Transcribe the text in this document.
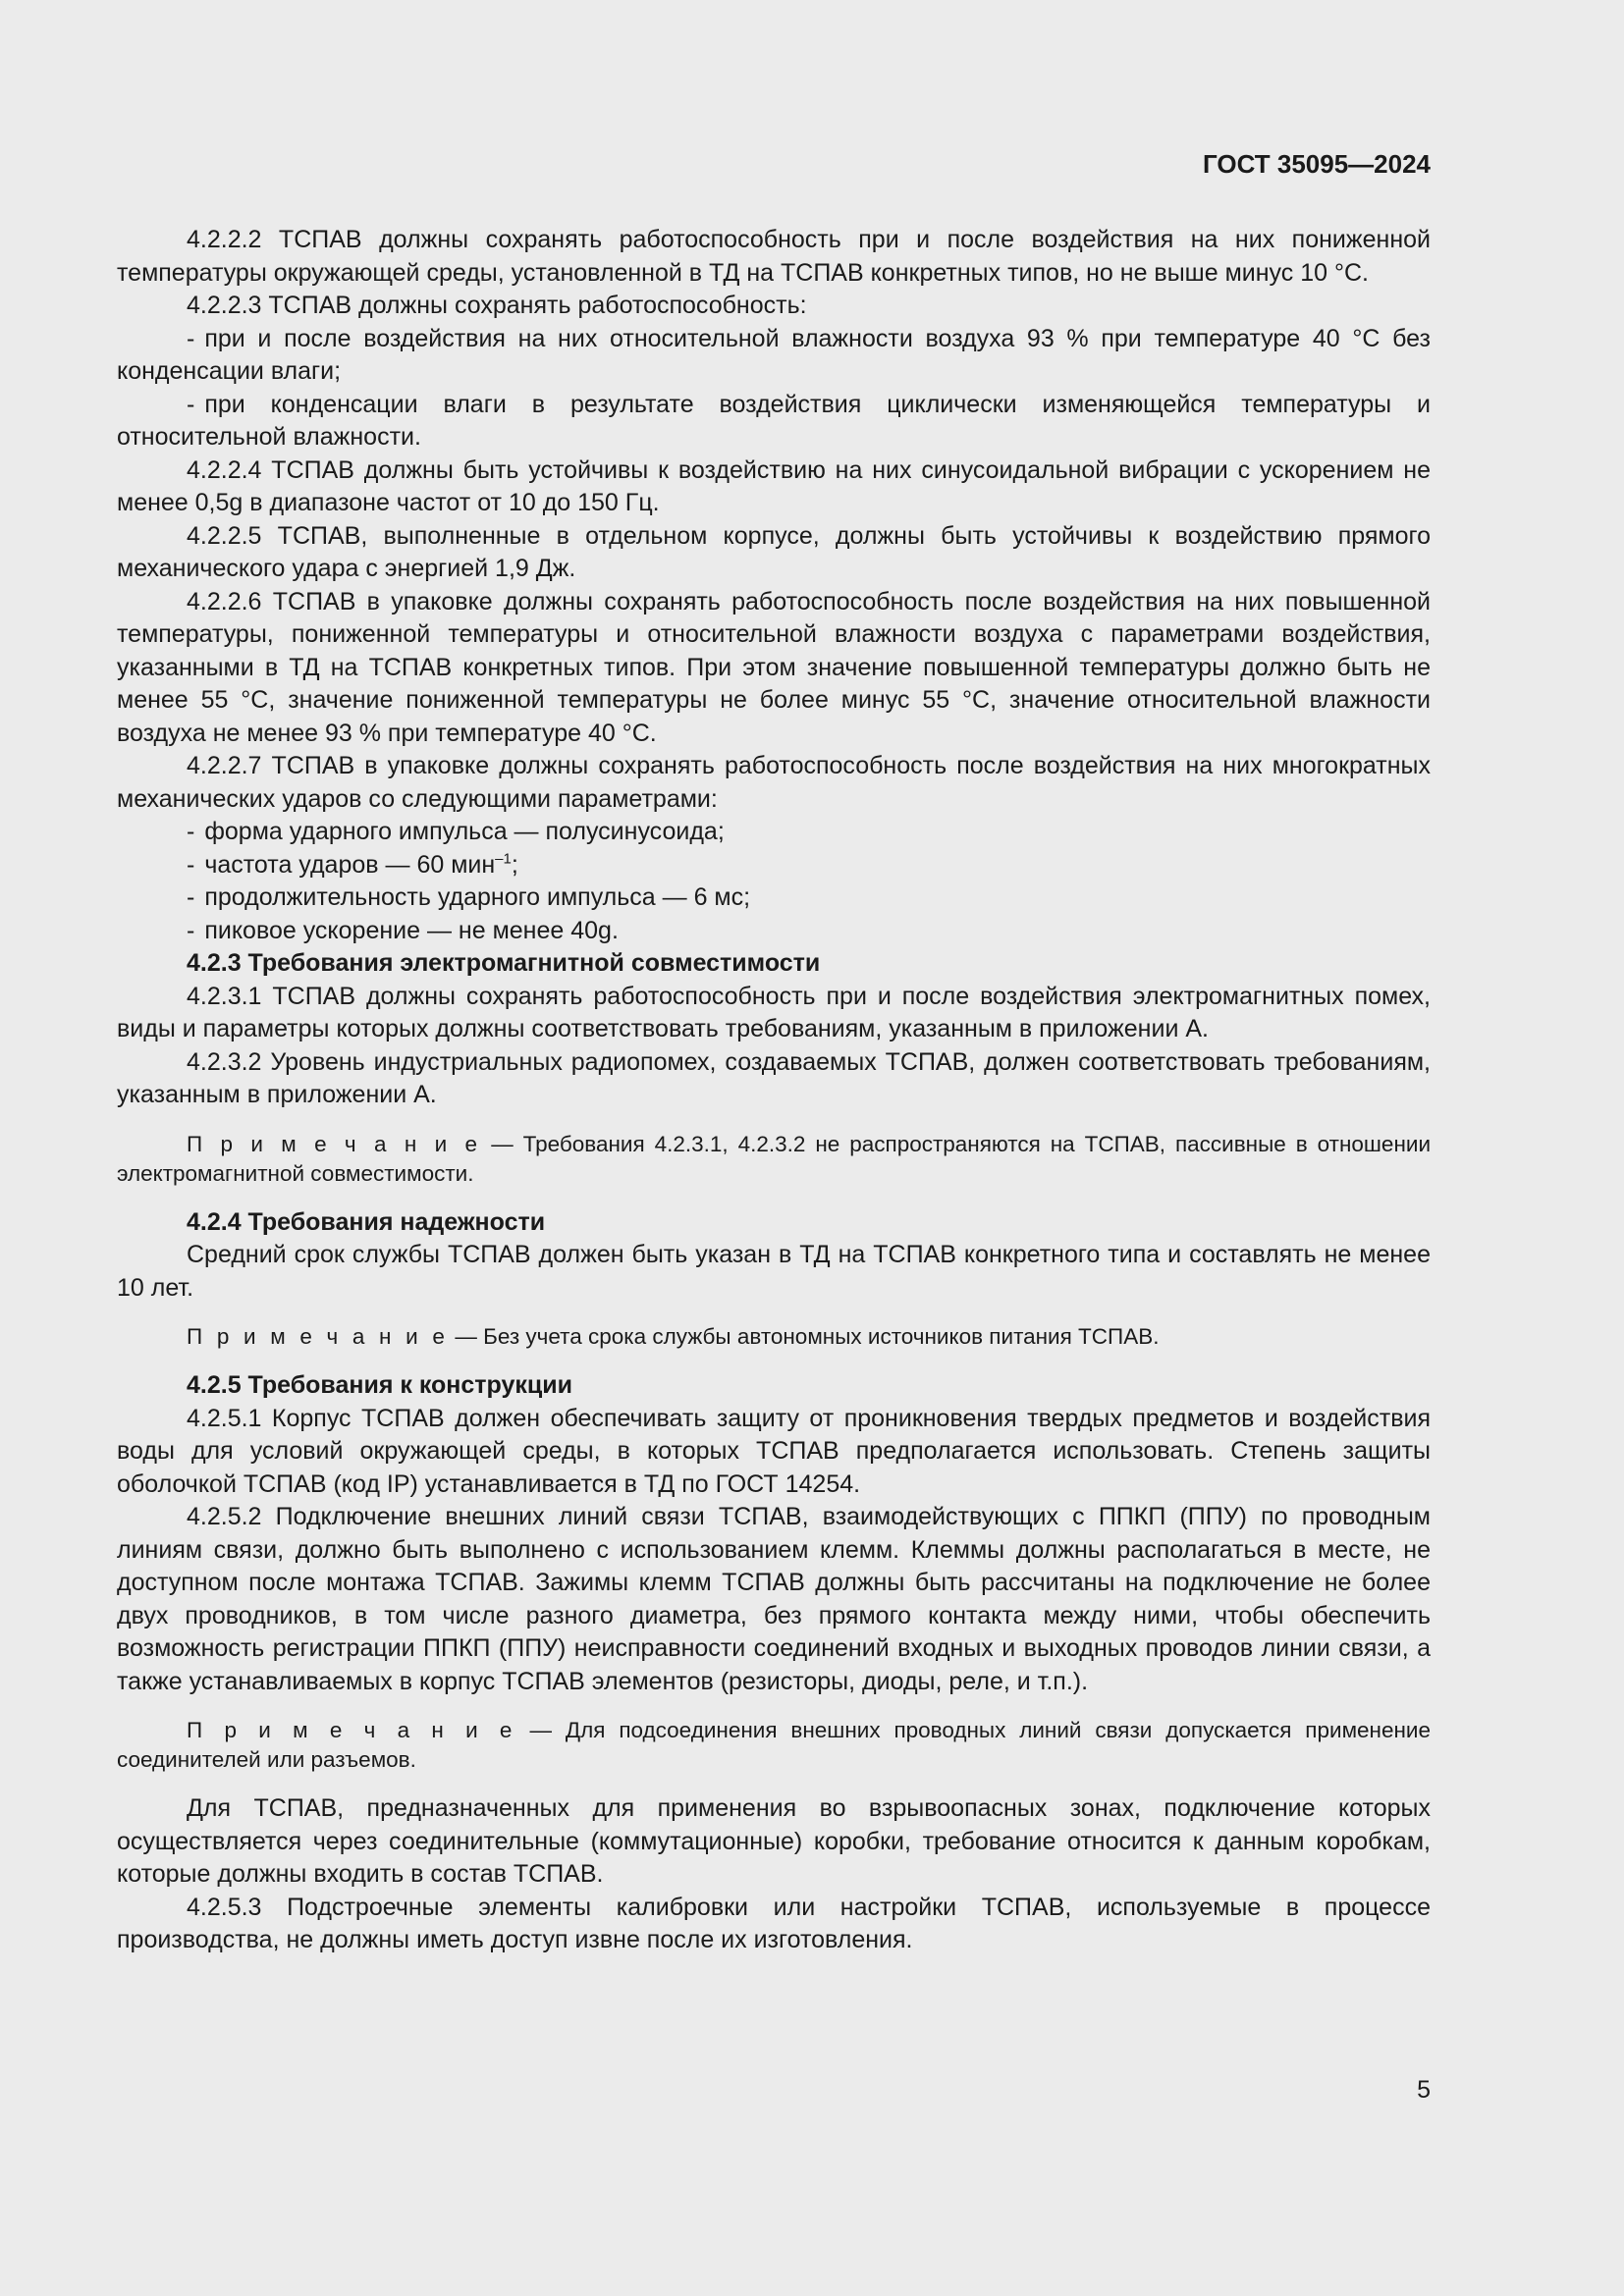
ГОСТ 35095—2024

4.2.2.2 ТСПАВ должны сохранять работоспособность при и после воздействия на них пониженной температуры окружающей среды, установленной в ТД на ТСПАВ конкретных типов, но не выше минус 10 °С.

4.2.2.3 ТСПАВ должны сохранять работоспособность:

- при и после воздействия на них относительной влажности воздуха 93 % при температуре 40 °С без конденсации влаги;

- при конденсации влаги в результате воздействия циклически изменяющейся температуры и относительной влажности.

4.2.2.4 ТСПАВ должны быть устойчивы к воздействию на них синусоидальной вибрации с ускорением не менее 0,5g в диапазоне частот от 10 до 150 Гц.

4.2.2.5 ТСПАВ, выполненные в отдельном корпусе, должны быть устойчивы к воздействию прямого механического удара с энергией 1,9 Дж.

4.2.2.6 ТСПАВ в упаковке должны сохранять работоспособность после воздействия на них повышенной температуры, пониженной температуры и относительной влажности воздуха с параметрами воздействия, указанными в ТД на ТСПАВ конкретных типов. При этом значение повышенной температуры должно быть не менее 55 °С, значение пониженной температуры не более минус 55 °С, значение относительной влажности воздуха не менее 93 % при температуре 40 °С.

4.2.2.7 ТСПАВ в упаковке должны сохранять работоспособность после воздействия на них многократных механических ударов со следующими параметрами:

- форма ударного импульса — полусинусоида;

- частота ударов — 60 мин$^{-1}$;

- продолжительность ударного импульса — 6 мс;

- пиковое ускорение — не менее 40g.

4.2.3 Требования электромагнитной совместимости

4.2.3.1 ТСПАВ должны сохранять работоспособность при и после воздействия электромагнитных помех, виды и параметры которых должны соответствовать требованиям, указанным в приложении А.

4.2.3.2 Уровень индустриальных радиопомех, создаваемых ТСПАВ, должен соответствовать требованиям, указанным в приложении А.

П р и м е ч а н и е — Требования 4.2.3.1, 4.2.3.2 не распространяются на ТСПАВ, пассивные в отношении электромагнитной совместимости.

4.2.4 Требования надежности

Средний срок службы ТСПАВ должен быть указан в ТД на ТСПАВ конкретного типа и составлять не менее 10 лет.

П р и м е ч а н и е — Без учета срока службы автономных источников питания ТСПАВ.

4.2.5 Требования к конструкции

4.2.5.1 Корпус ТСПАВ должен обеспечивать защиту от проникновения твердых предметов и воздействия воды для условий окружающей среды, в которых ТСПАВ предполагается использовать. Степень защиты оболочкой ТСПАВ (код IP) устанавливается в ТД по ГОСТ 14254.

4.2.5.2 Подключение внешних линий связи ТСПАВ, взаимодействующих с ППКП (ППУ) по проводным линиям связи, должно быть выполнено с использованием клемм. Клеммы должны располагаться в месте, не доступном после монтажа ТСПАВ. Зажимы клемм ТСПАВ должны быть рассчитаны на подключение не более двух проводников, в том числе разного диаметра, без прямого контакта между ними, чтобы обеспечить возможность регистрации ППКП (ППУ) неисправности соединений входных и выходных проводов линии связи, а также устанавливаемых в корпус ТСПАВ элементов (резисторы, диоды, реле, и т.п.).

П р и м е ч а н и е — Для подсоединения внешних проводных линий связи допускается применение соединителей или разъемов.

Для ТСПАВ, предназначенных для применения во взрывоопасных зонах, подключение которых осуществляется через соединительные (коммутационные) коробки, требование относится к данным коробкам, которые должны входить в состав ТСПАВ.

4.2.5.3 Подстроечные элементы калибровки или настройки ТСПАВ, используемые в процессе производства, не должны иметь доступ извне после их изготовления.

5
